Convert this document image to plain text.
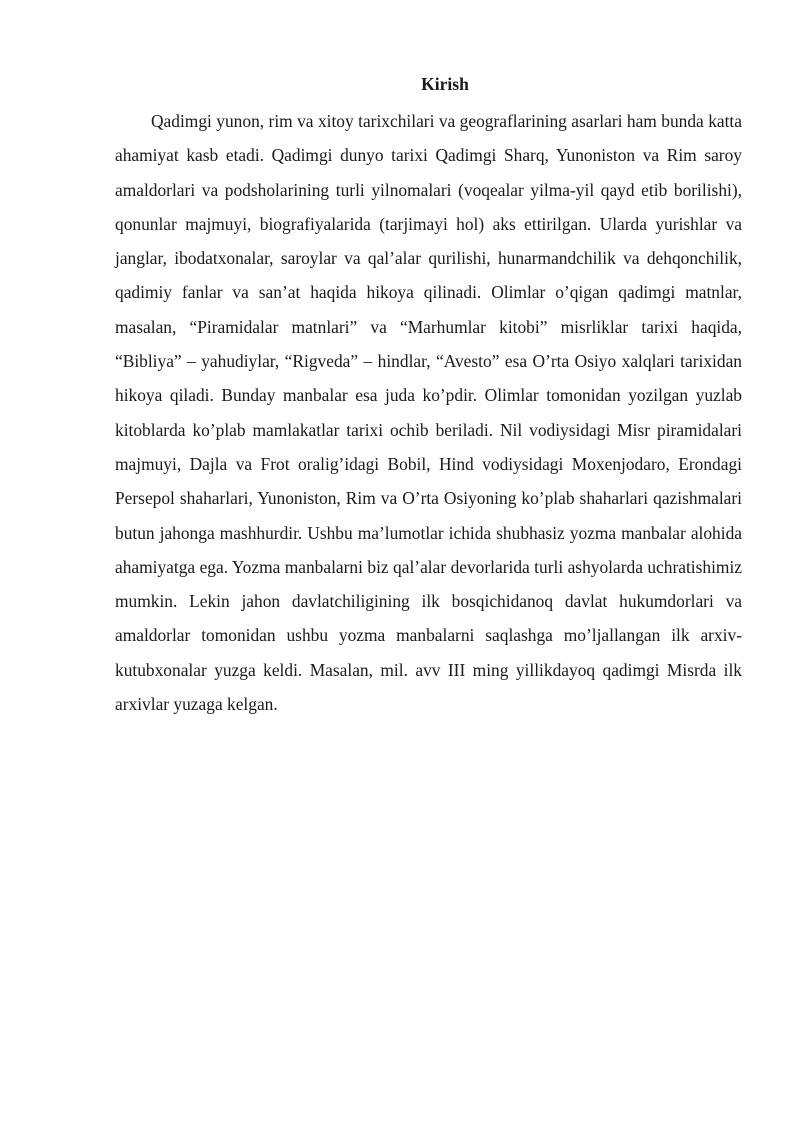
Kirish

Qadimgi yunon, rim va xitoy tarixchilari va geograflarining asarlari ham bunda katta ahamiyat kasb etadi. Qadimgi dunyo tarixi Qadimgi Sharq, Yunoniston va Rim saroy amaldorlari va podsholarining turli yilnomalari (voqealar yilma-yil qayd etib borilishi), qonunlar majmuyi, biografiyalarida (tarjimayi hol) aks ettirilgan. Ularda yurishlar va janglar, ibodatxonalar, saroylar va qal’alar qurilishi, hunarmandchilik va dehqonchilik, qadimiy fanlar va san’at haqida hikoya qilinadi. Olimlar o’qigan qadimgi matnlar, masalan, “Piramidalar matnlari” va “Marhumlar kitobi” misrliklar tarixi haqida, “Bibliya” – yahudiylar, “Rigveda” – hindlar, “Avesto” esa O’rta Osiyo xalqlari tarixidan hikoya qiladi. Bunday manbalar esa juda ko’pdir. Olimlar tomonidan yozilgan yuzlab kitoblarda ko’plab mamlakatlar tarixi ochib beriladi. Nil vodiysidagi Misr piramidalari majmuyi, Dajla va Frot oralig’idagi Bobil, Hind vodiysidagi Moxenjodaro, Erondagi Persepol shaharlari, Yunoniston, Rim va O’rta Osiyoning ko’plab shaharlari qazishmalari butun jahonga mashhurdir. Ushbu ma’lumotlar ichida shubhasiz yozma manbalar alohida ahamiyatga ega. Yozma manbalarni biz qal’alar devorlarida turli ashyolarda uchratishimiz mumkin. Lekin jahon davlatchiligining ilk bosqichidanoq davlat hukumdorlari va amaldorlar tomonidan ushbu yozma manbalarni saqlashga mo’ljallangan ilk arxiv-kutubxonalar yuzga keldi. Masalan, mil. avv III ming yillikdayoq qadimgi Misrda ilk arxivlar yuzaga kelgan.
